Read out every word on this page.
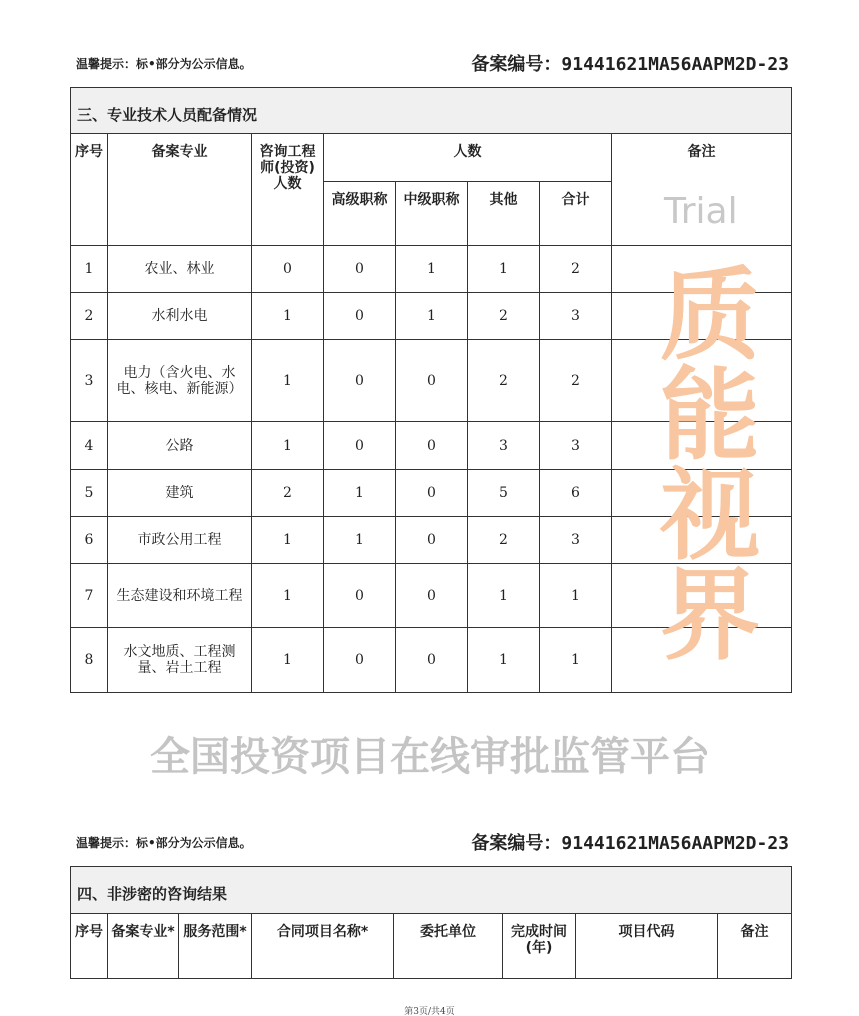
温馨提示：标•部分为公示信息。	备案编号：91441621MA56AAPM2D-23
三、专业技术人员配备情况							
序号	备案专业	咨询工程师(投资)人数	人数				备注
			高级职称	中级职称	其他	合计	
1	农业、林业	0	0	1	1	2	
2	水利水电	1	0	1	2	3	
3	电力（含火电、水电、核电、新能源）	1	0	0	2	2	
4	公路	1	0	0	3	3	
5	建筑	2	1	0	5	6	
6	市政公用工程	1	1	0	2	3	
7	生态建设和环境工程	1	0	0	1	1	
8	水文地质、工程测量、岩土工程	1	0	0	1	1	
温馨提示：标•部分为公示信息。	备案编号：91441621MA56AAPM2D-23
四、非涉密的咨询结果
序号	备案专业*	服务范围*	合同项目名称*	委托单位	完成时间(年)	项目代码	备注
第3页/共4页
质能视界
全国投资项目在线审批监管平台
Trial
